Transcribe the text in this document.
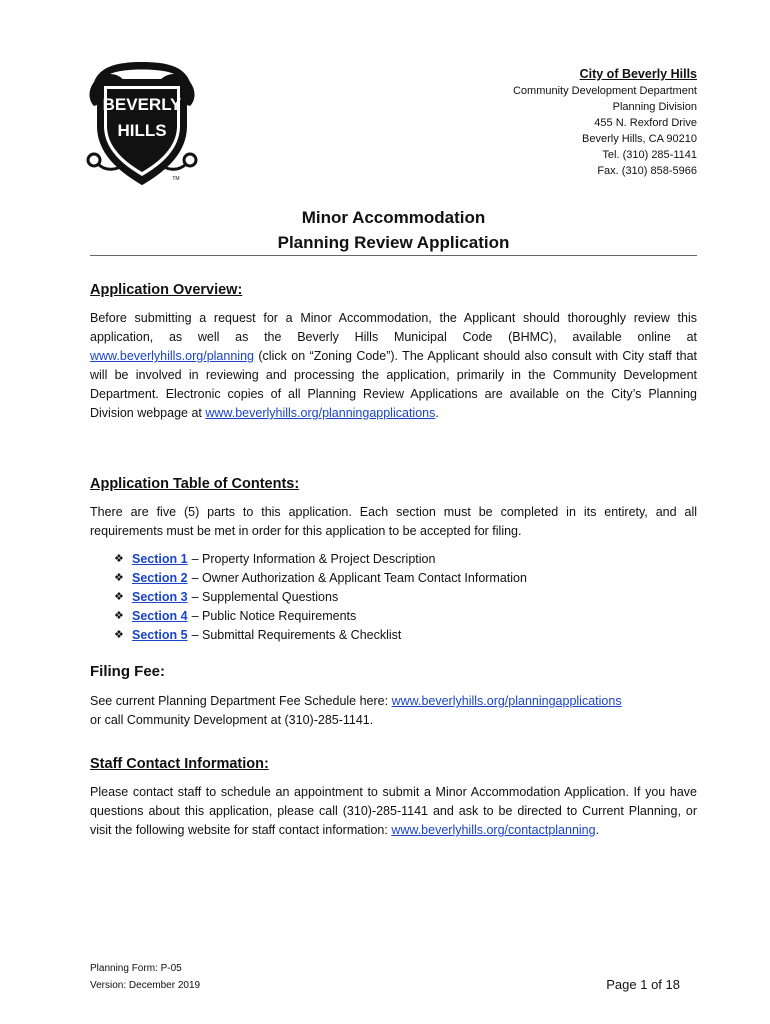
BEVERLY
HILLS
TM
City of Beverly Hills
Community Development Department
Planning Division
455 N. Rexford Drive
Beverly Hills, CA 90210
Tel. (310) 285-1141
Fax. (310) 858-5966
Minor Accommodation
Planning Review Application
Application Overview:
Before submitting a request for a Minor Accommodation, the Applicant should thoroughly review this application, as well as the Beverly Hills Municipal Code (BHMC), available online at www.beverlyhills.org/planning (click on “Zoning Code”). The Applicant should also consult with City staff that will be involved in reviewing and processing the application, primarily in the Community Development Department. Electronic copies of all Planning Review Applications are available on the City’s Planning Division webpage at www.beverlyhills.org/planningapplications.
Application Table of Contents:
There are five (5) parts to this application. Each section must be completed in its entirety, and all requirements must be met in order for this application to be accepted for filing.
❖ Section 1 – Property Information & Project Description
❖ Section 2 – Owner Authorization & Applicant Team Contact Information
❖ Section 3 – Supplemental Questions
❖ Section 4 – Public Notice Requirements
❖ Section 5 – Submittal Requirements & Checklist
Filing Fee:
See current Planning Department Fee Schedule here: www.beverlyhills.org/planningapplications
or call Community Development at (310)-285-1141.
Staff Contact Information:
Please contact staff to schedule an appointment to submit a Minor Accommodation Application. If you have questions about this application, please call (310)-285-1141 and ask to be directed to Current Planning, or visit the following website for staff contact information: www.beverlyhills.org/contactplanning.
Planning Form: P-05
Version: December 2019	Page 1 of 18
